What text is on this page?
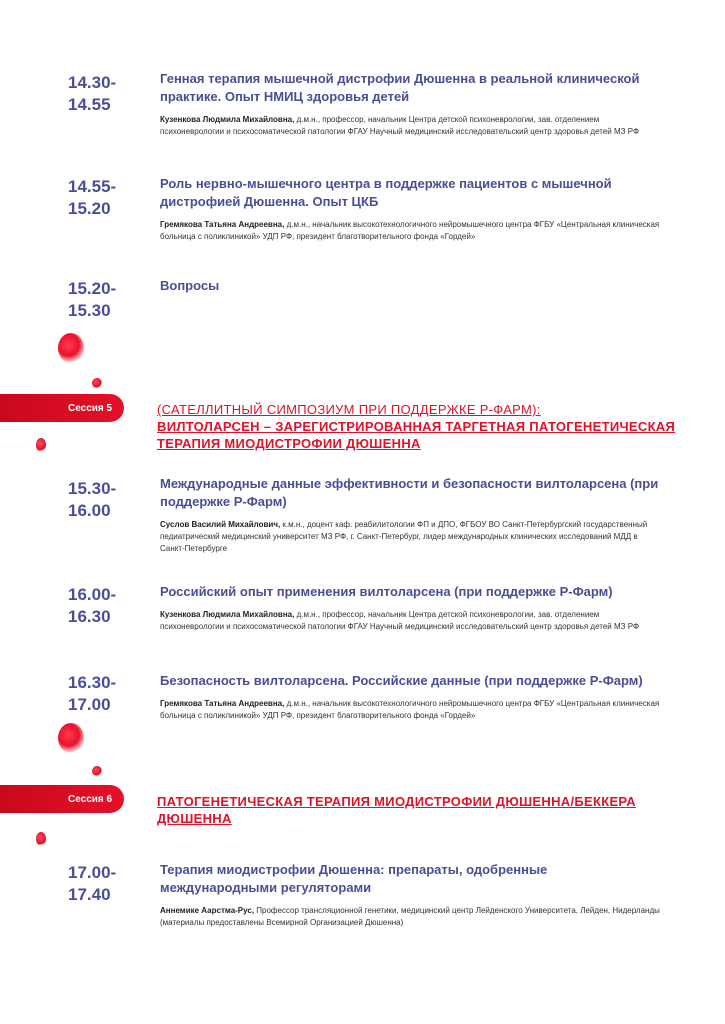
14.30-
14.55
Генная терапия мышечной дистрофии Дюшенна в реальной клинической практике. Опыт НМИЦ здоровья детей
Кузенкова Людмила Михайловна, д.м.н., профессор, начальник Центра детской психоневрологии, зав. отделением психоневрологии и психосоматической патологии ФГАУ Научный медицинский исследовательский центр здоровья детей МЗ РФ
14.55-
15.20
Роль нервно-мышечного центра в поддержке пациентов с мышечной дистрофией Дюшенна. Опыт ЦКБ
Гремякова Татьяна Андреевна, д.м.н., начальник высокотехнологичного нейромышечного центра ФГБУ «Центральная клиническая больница с поликлиникой» УДП РФ, президент благотворительного фонда «Гордей»
15.20-
15.30
Вопросы
Сессия 5	(САТЕЛЛИТНЫЙ СИМПОЗИУМ ПРИ ПОДДЕРЖКЕ Р-ФАРМ):
ВИЛТОЛАРСЕН – ЗАРЕГИСТРИРОВАННАЯ ТАРГЕТНАЯ ПАТОГЕНЕТИЧЕСКАЯ ТЕРАПИЯ МИОДИСТРОФИИ ДЮШЕННА
15.30-
16.00
Международные данные эффективности и безопасности вилтоларсена (при поддержке Р-Фарм)
Суслов Василий Михайлович, к.м.н., доцент каф. реабилитологии ФП и ДПО, ФГБОУ ВО Санкт-Петербургский государственный педиатрический медицинский университет МЗ РФ, г. Санкт-Петербург, лидер международных клинических исследований МДД в Санкт-Петербурге
16.00-
16.30
Российский опыт применения вилтоларсена (при поддержке Р-Фарм)
Кузенкова Людмила Михайловна, д.м.н., профессор, начальник Центра детской психоневрологии, зав. отделением психоневрологии и психосоматической патологии ФГАУ Научный медицинский исследовательский центр здоровья детей МЗ РФ
16.30-
17.00
Безопасность вилтоларсена. Российские данные (при поддержке Р-Фарм)
Гремякова Татьяна Андреевна, д.м.н., начальник высокотехнологичного нейромышечного центра ФГБУ «Центральная клиническая больница с поликлиникой» УДП РФ, президент благотворительного фонда «Гордей»
Сессия 6	ПАТОГЕНЕТИЧЕСКАЯ ТЕРАПИЯ МИОДИСТРОФИИ ДЮШЕННА/БЕККЕРА ДЮШЕННА
17.00-
17.40
Терапия миодистрофии Дюшенна: препараты, одобренные международными регуляторами
Аннемике Аарстма-Рус, Профессор трансляционной генетики, медицинский центр Лейденского Университета, Лейден, Нидерланды (материалы предоставлены Всемирной Организацией Дюшенна)
